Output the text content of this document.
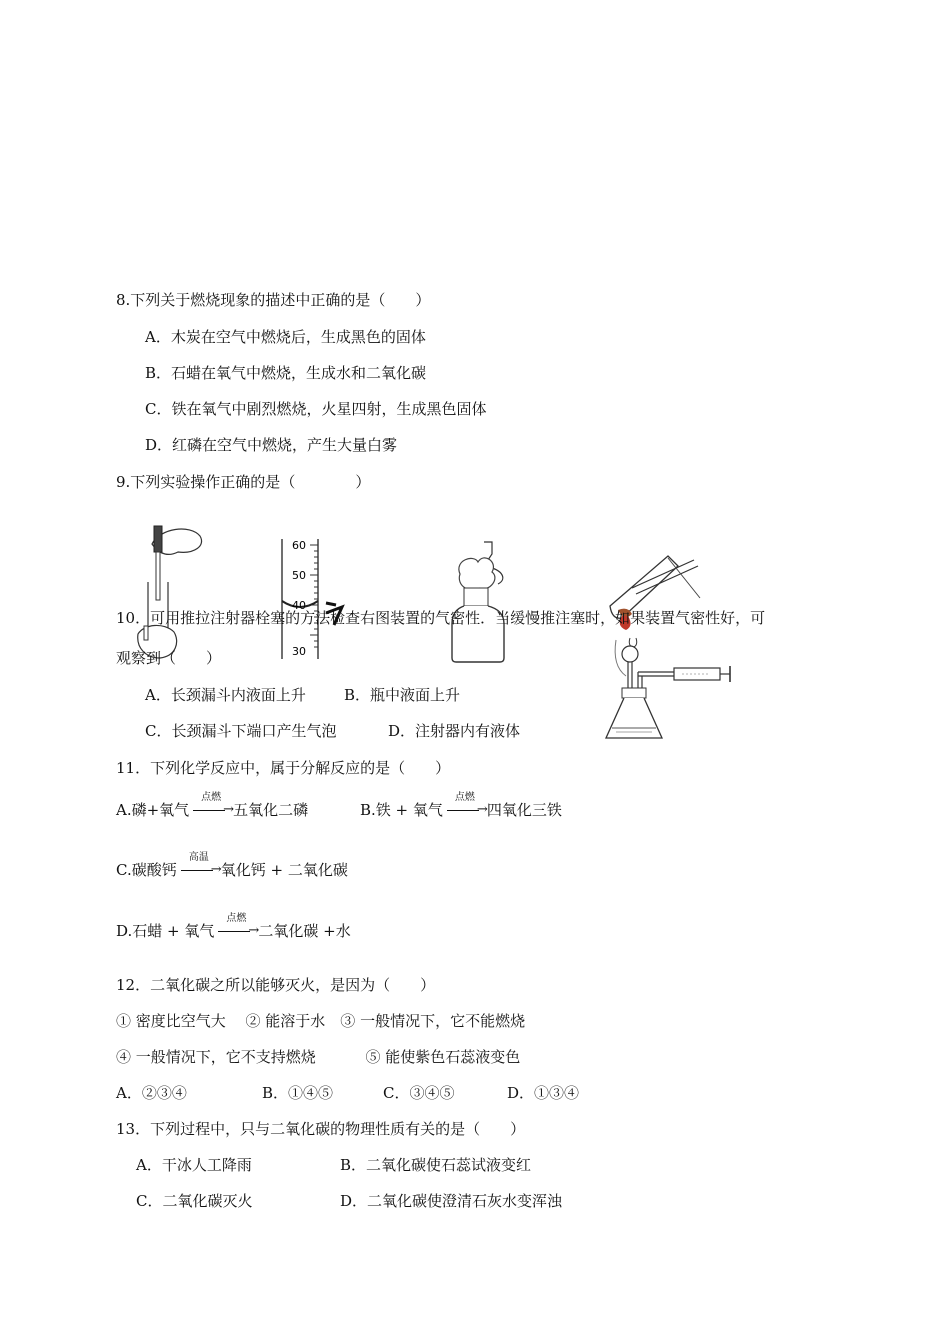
8.下列关于燃烧现象的描述中正确的是（　　）
A．木炭在空气中燃烧后，生成黑色的固体
B．石蜡在氧气中燃烧，生成水和二氧化碳
C．铁在氧气中剧烈燃烧，火星四射，生成黑色固体
D．红磷在空气中燃烧，产生大量白雾
9.下列实验操作正确的是（　　　　）
60
50
40
30
10．可用推拉注射器栓塞的方法检查右图装置的气密性．当缓慢推注塞时，如果装置气密性好，可
观察到（　　）
A．长颈漏斗内液面上升	B．瓶中液面上升
C．长颈漏斗下端口产生气泡	D．注射器内有液体
11．下列化学反应中，属于分解反应的是（　　）
A.磷+氧气
点燃
→ 五氧化二磷	B.铁 + 氧气
点燃
→ 四氧化三铁
C.碳酸钙
高温
→ 氧化钙 + 二氧化碳
D.石蜡 + 氧气
点燃
→ 二氧化碳 +水
12．二氧化碳之所以能够灭火，是因为（　　）
① 密度比空气大　 ② 能溶于水　③ 一般情况下，它不能燃烧
④ 一般情况下，它不支持燃烧　　　 ⑤ 能使紫色石蕊液变色
A．②③④	B．①④⑤	C．③④⑤	D．①③④
13．下列过程中，只与二氧化碳的物理性质有关的是（　　）
A．干冰人工降雨	B．二氧化碳使石蕊试液变红
C．二氧化碳灭火	D．二氧化碳使澄清石灰水变浑浊
